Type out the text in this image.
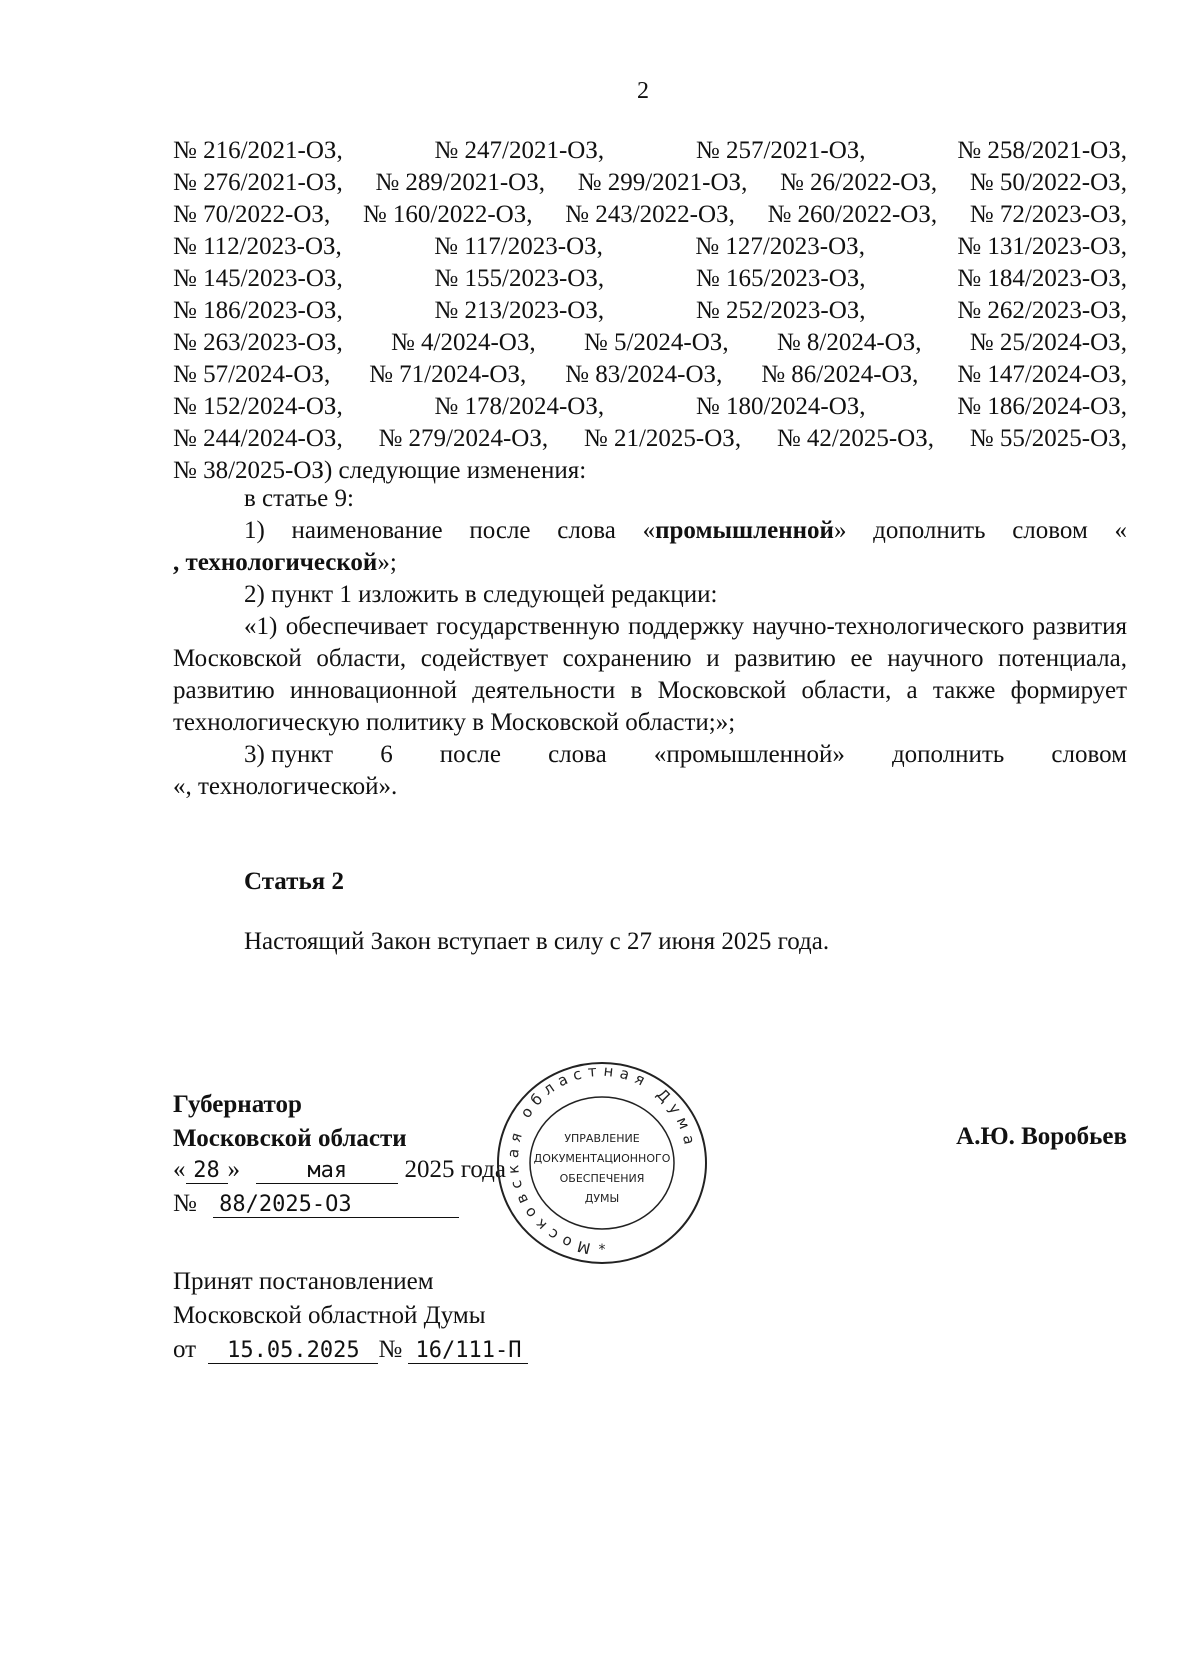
2
№ 216/2021-ОЗ,	№ 247/2021-ОЗ,	№ 257/2021-ОЗ,	№ 258/2021-ОЗ,
№ 276/2021-ОЗ, № 289/2021-ОЗ, № 299/2021-ОЗ, № 26/2022-ОЗ, № 50/2022-ОЗ,
№ 70/2022-ОЗ, № 160/2022-ОЗ, № 243/2022-ОЗ, № 260/2022-ОЗ, № 72/2023-ОЗ,
№ 112/2023-ОЗ,	№ 117/2023-ОЗ,	№ 127/2023-ОЗ,	№ 131/2023-ОЗ,
№ 145/2023-ОЗ,	№ 155/2023-ОЗ,	№ 165/2023-ОЗ,	№ 184/2023-ОЗ,
№ 186/2023-ОЗ,	№ 213/2023-ОЗ,	№ 252/2023-ОЗ,	№ 262/2023-ОЗ,
№ 263/2023-ОЗ, № 4/2024-ОЗ, № 5/2024-ОЗ, № 8/2024-ОЗ, № 25/2024-ОЗ,
№ 57/2024-ОЗ, № 71/2024-ОЗ, № 83/2024-ОЗ, № 86/2024-ОЗ, № 147/2024-ОЗ,
№ 152/2024-ОЗ,	№ 178/2024-ОЗ,	№ 180/2024-ОЗ,	№ 186/2024-ОЗ,
№ 244/2024-ОЗ, № 279/2024-ОЗ, № 21/2025-ОЗ, № 42/2025-ОЗ, № 55/2025-ОЗ,
№ 38/2025-ОЗ) следующие изменения:
в статье 9:
1) наименование после слова «промышленной» дополнить словом «
, технологической»;
2) пункт 1 изложить в следующей редакции:

«1) обеспечивает государственную поддержку научно-технологического развития Московской области, содействует сохранению и развитию ее научного потенциала, развитию инновационной деятельности в Московской области, а также формирует технологическую политику в Московской области;»;

3) пункт 6 после слова «промышленной» дополнить словом
«, технологической».
Статья 2
Настоящий Закон вступает в силу с 27 июня 2025 года.
Губернатор
Московской области
« 28 »	мая 2025 года
№ 88/2025-ОЗ
А.Ю. Воробьев
Московская областная Дума
УПРАВЛЕНИЕ
ДОКУМЕНТАЦИОННОГО
ОБЕСПЕЧЕНИЯ
ДУМЫ
*
Принят постановлением
Московской областной Думы
от 15.05.2025 № 16/111-П
